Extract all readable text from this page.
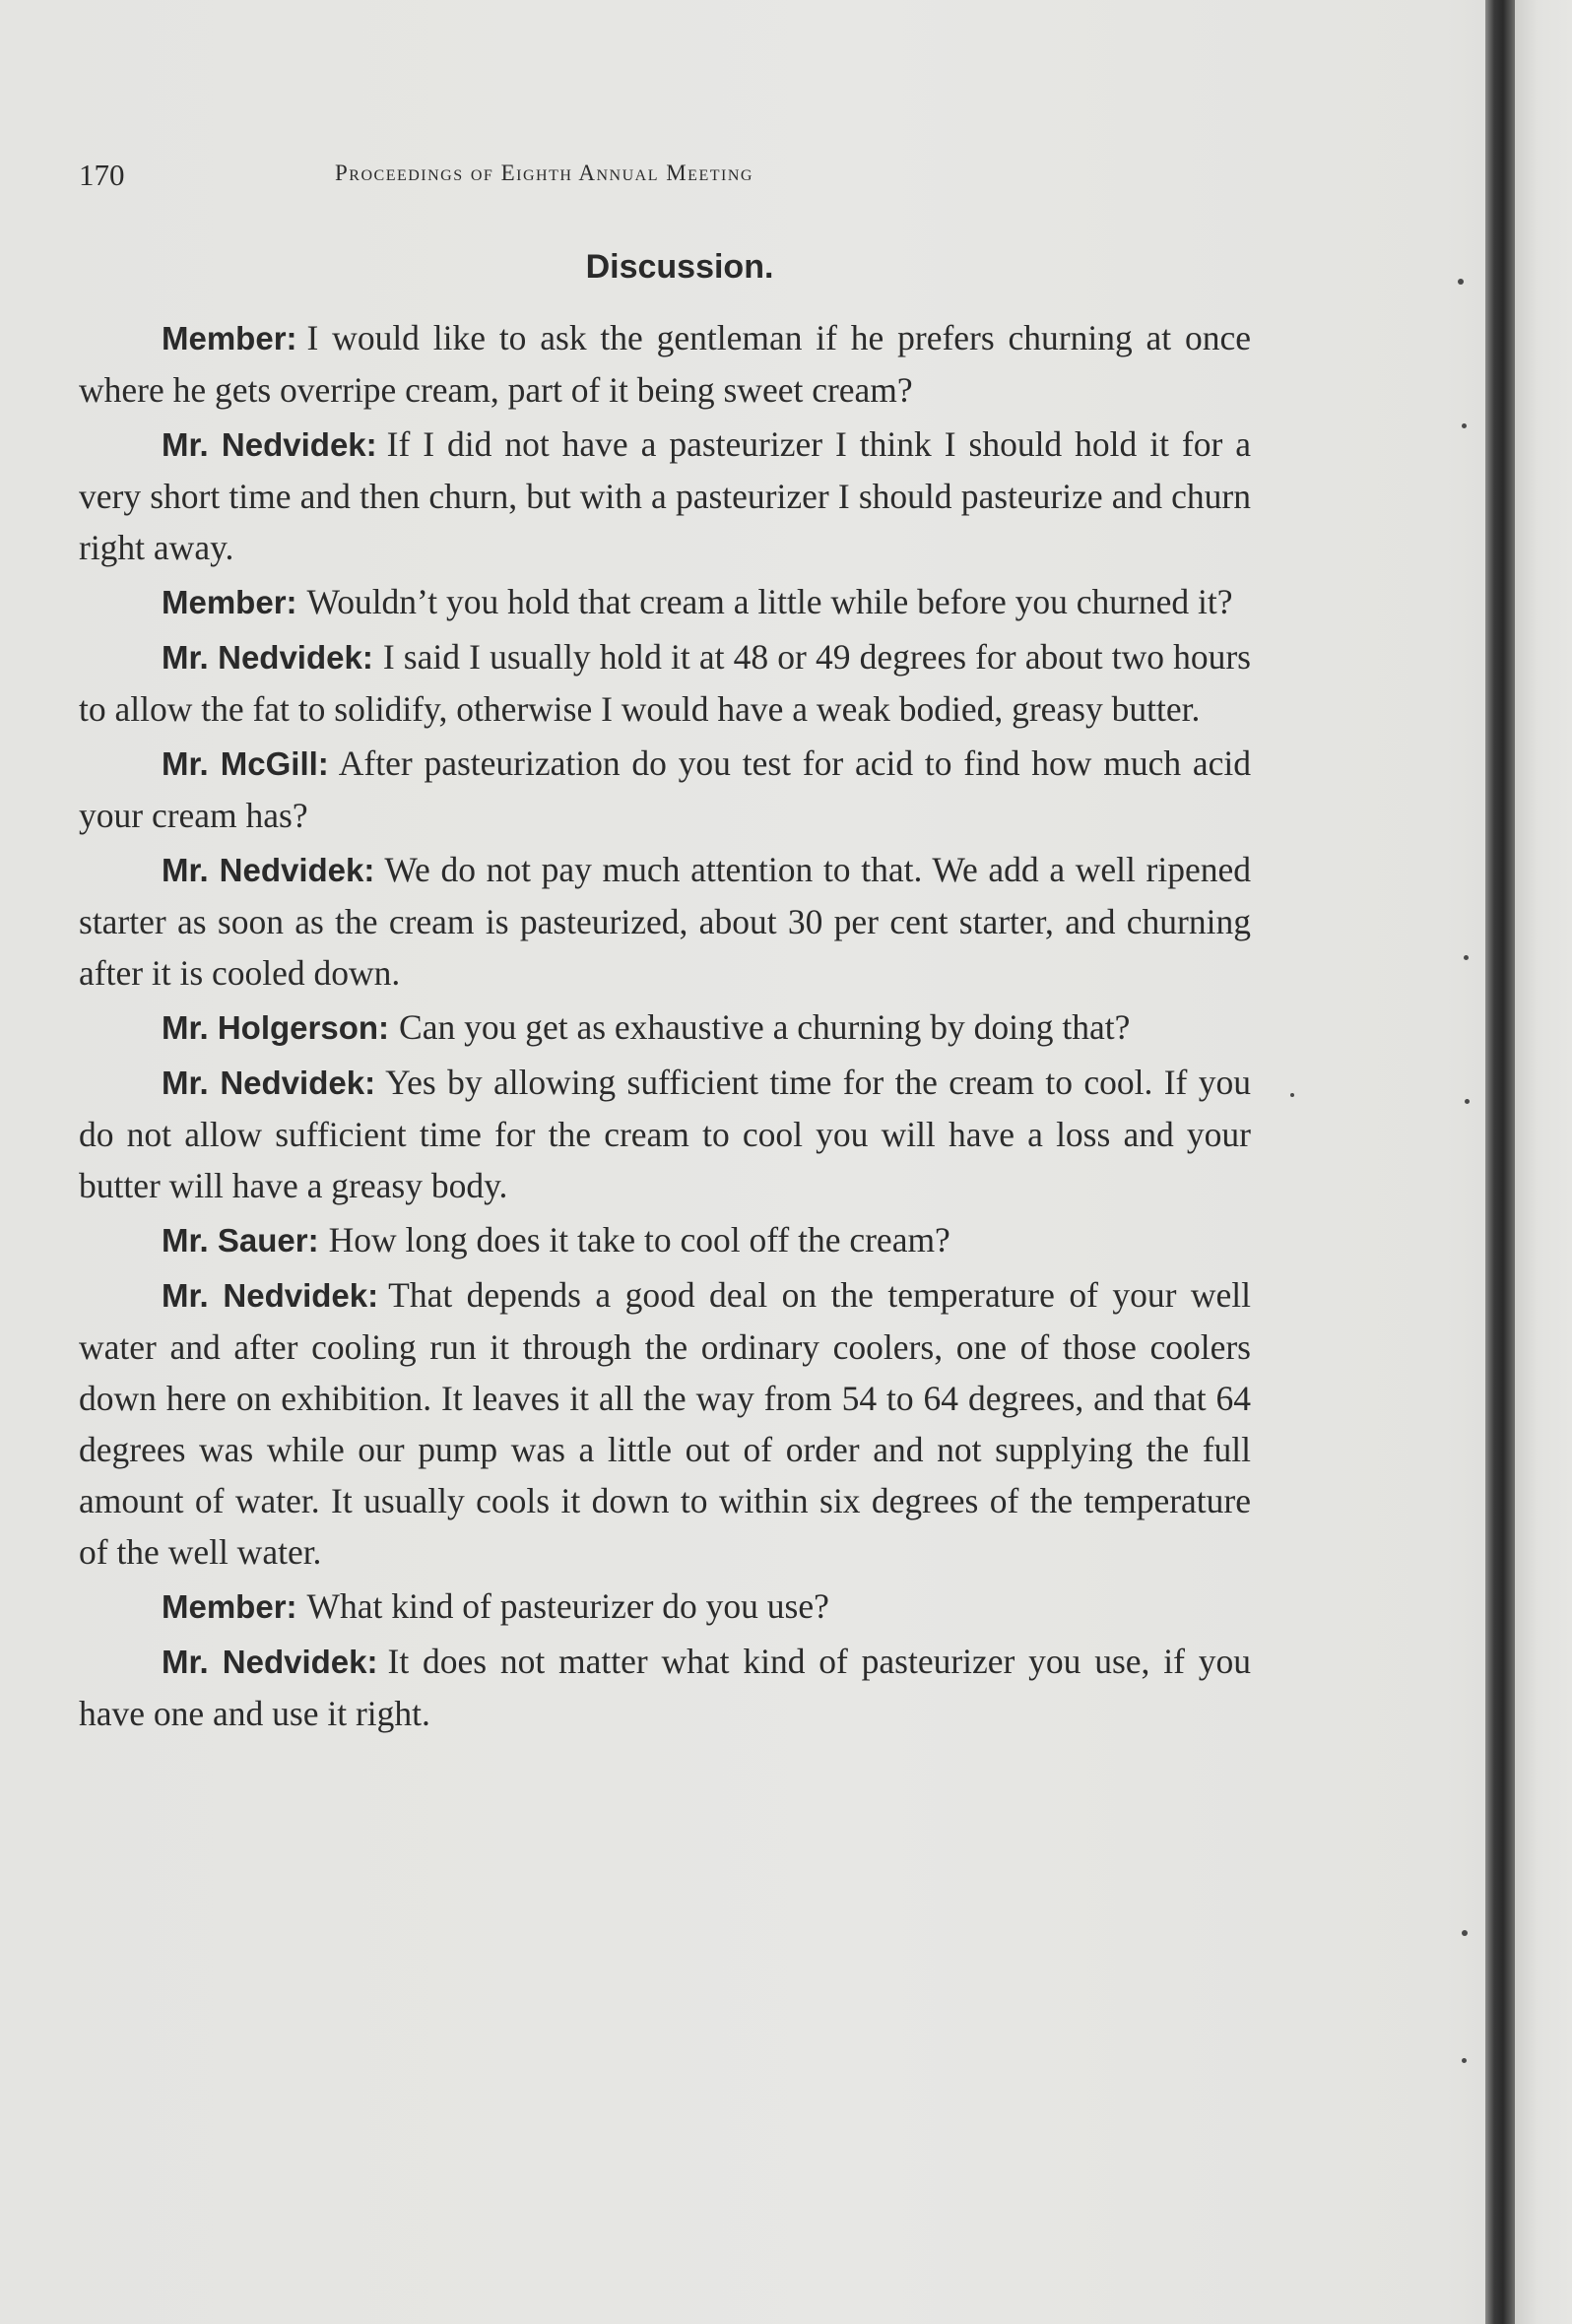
170	Proceedings of Eighth Annual Meeting
Discussion.

Member: I would like to ask the gentleman if he prefers churning at once where he gets overripe cream, part of it being sweet cream?

Mr. Nedvidek: If I did not have a pasteurizer I think I should hold it for a very short time and then churn, but with a pasteurizer I should pasteurize and churn right away.

Member: Wouldn’t you hold that cream a little while before you churned it?

Mr. Nedvidek: I said I usually hold it at 48 or 49 degrees for about two hours to allow the fat to solidify, otherwise I would have a weak bodied, greasy butter.

Mr. McGill: After pasteurization do you test for acid to find how much acid your cream has?

Mr. Nedvidek: We do not pay much attention to that. We add a well ripened starter as soon as the cream is pasteurized, about 30 per cent starter, and churning after it is cooled down.

Mr. Holgerson: Can you get as exhaustive a churning by doing that?

Mr. Nedvidek: Yes by allowing sufficient time for the cream to cool. If you do not allow sufficient time for the cream to cool you will have a loss and your butter will have a greasy body.

Mr. Sauer: How long does it take to cool off the cream?

Mr. Nedvidek: That depends a good deal on the temperature of your well water and after cooling run it through the ordinary coolers, one of those coolers down here on exhibition. It leaves it all the way from 54 to 64 degrees, and that 64 degrees was while our pump was a little out of order and not supplying the full amount of water. It usually cools it down to within six degrees of the temperature of the well water.

Member: What kind of pasteurizer do you use?

Mr. Nedvidek: It does not matter what kind of pasteurizer you use, if you have one and use it right.
